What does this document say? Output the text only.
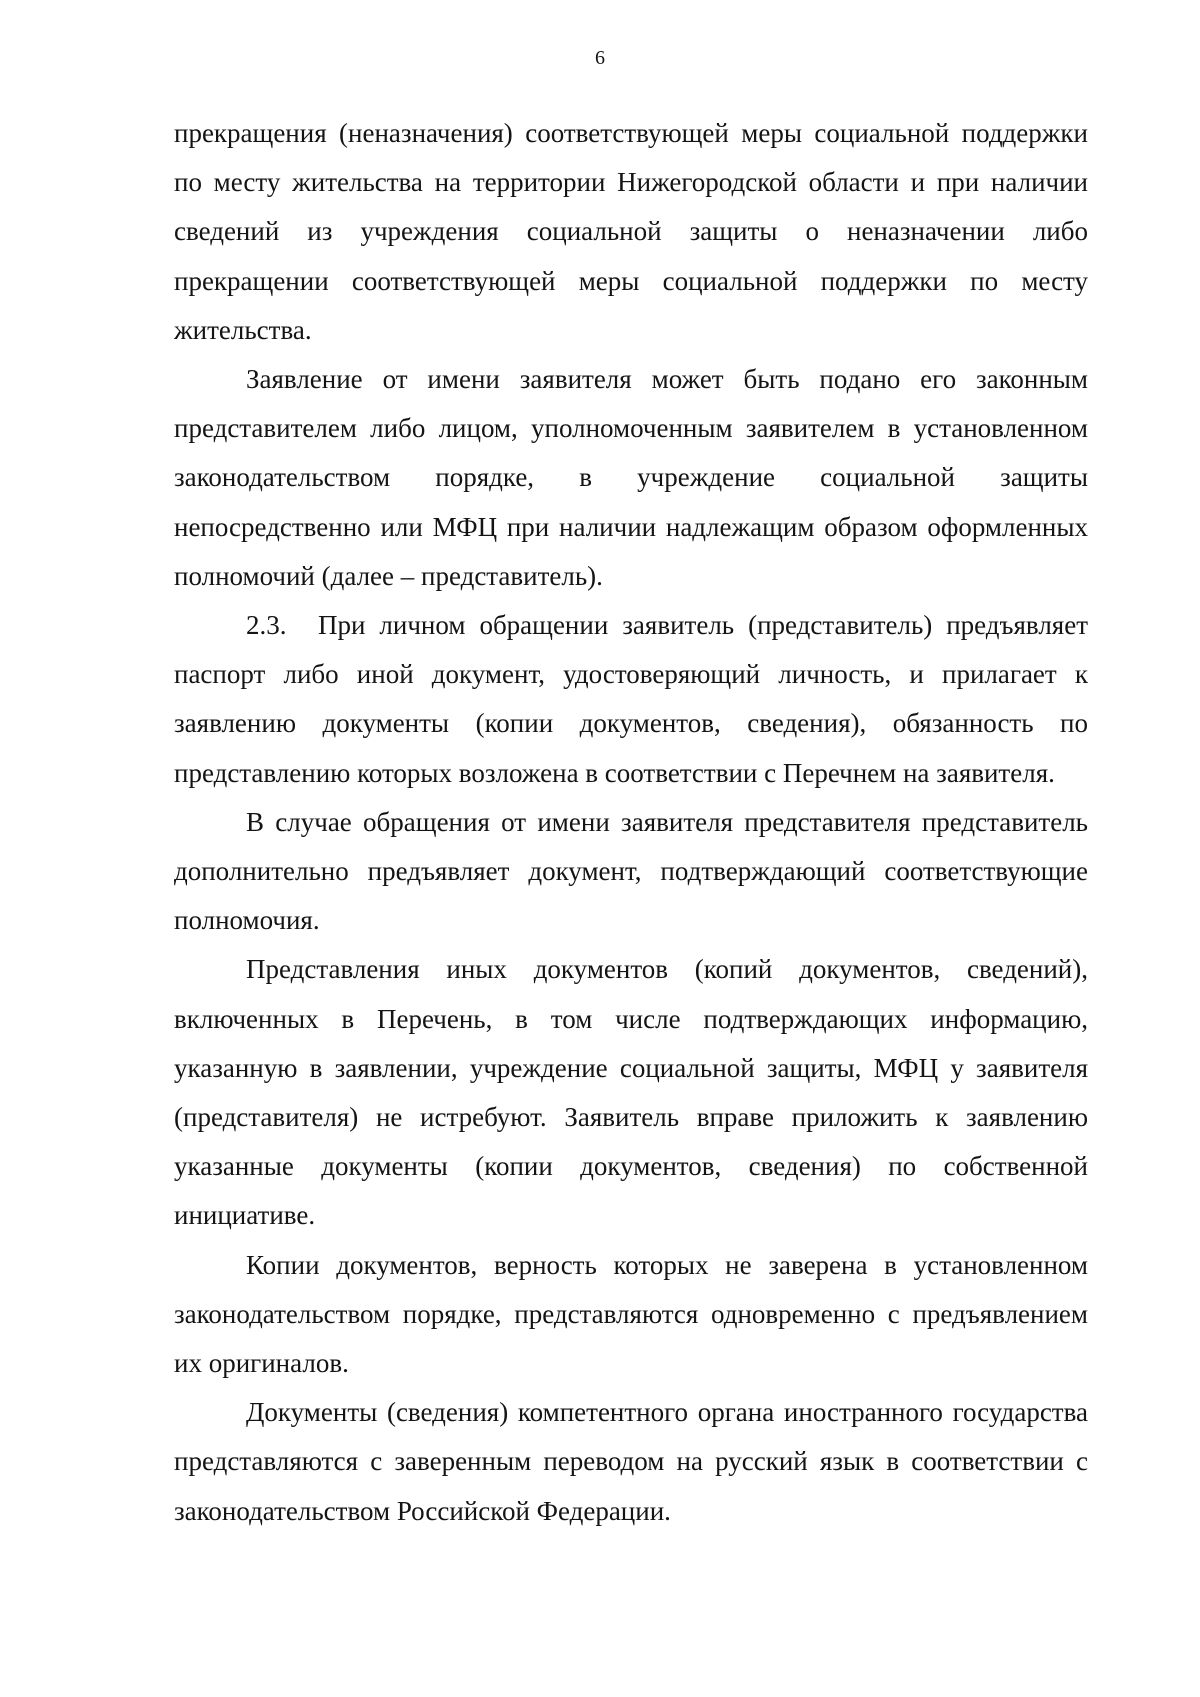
6

прекращения (неназначения) соответствующей меры социальной поддержки по месту жительства на территории Нижегородской области и при наличии сведений из учреждения социальной защиты о неназначении либо прекращении соответствующей меры социальной поддержки по месту жительства.

Заявление от имени заявителя может быть подано его законным представителем либо лицом, уполномоченным заявителем в установленном законодательством порядке, в учреждение социальной защиты непосредственно или МФЦ при наличии надлежащим образом оформленных полномочий (далее – представитель).

2.3. При личном обращении заявитель (представитель) предъявляет паспорт либо иной документ, удостоверяющий личность, и прилагает к заявлению документы (копии документов, сведения), обязанность по представлению которых возложена в соответствии с Перечнем на заявителя.

В случае обращения от имени заявителя представителя представитель дополнительно предъявляет документ, подтверждающий соответствующие полномочия.

Представления иных документов (копий документов, сведений), включенных в Перечень, в том числе подтверждающих информацию, указанную в заявлении, учреждение социальной защиты, МФЦ у заявителя (представителя) не истребуют. Заявитель вправе приложить к заявлению указанные документы (копии документов, сведения) по собственной инициативе.

Копии документов, верность которых не заверена в установленном законодательством порядке, представляются одновременно с предъявлением их оригиналов.

Документы (сведения) компетентного органа иностранного государства представляются с заверенным переводом на русский язык в соответствии с законодательством Российской Федерации.
